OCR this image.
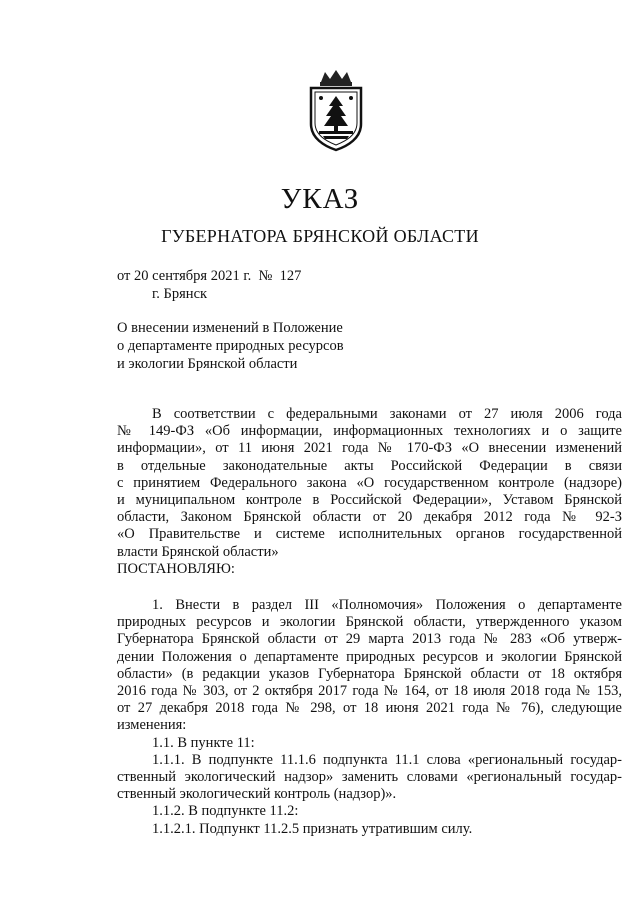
УКАЗ
ГУБЕРНАТОРА БРЯНСКОЙ ОБЛАСТИ
от 20 сентября 2021 г. № 127
г. Брянск
О внесении изменений в Положение
о департаменте природных ресурсов
и экологии Брянской области
В соответствии с федеральными законами от 27 июля 2006 года
№ 149-ФЗ «Об информации, информационных технологиях и о защите
информации», от 11 июня 2021 года № 170-ФЗ «О внесении изменений
в отдельные законодательные акты Российской Федерации в связи
с принятием Федерального закона «О государственном контроле (надзоре)
и муниципальном контроле в Российской Федерации», Уставом Брянской
области, Законом Брянской области от 20 декабря 2012 года № 92-З
«О Правительстве и системе исполнительных органов государственной
власти Брянской области»
ПОСТАНОВЛЯЮ:
1. Внести в раздел III «Полномочия» Положения о департаменте
природных ресурсов и экологии Брянской области, утвержденного указом
Губернатора Брянской области от 29 марта 2013 года № 283 «Об утверж-
дении Положения о департаменте природных ресурсов и экологии Брянской
области» (в редакции указов Губернатора Брянской области от 18 октября
2016 года № 303, от 2 октября 2017 года № 164, от 18 июля 2018 года № 153,
от 27 декабря 2018 года № 298, от 18 июня 2021 года № 76), следующие
изменения:
1.1. В пункте 11:
1.1.1. В подпункте 11.1.6 подпункта 11.1 слова «региональный государ-
ственный экологический надзор» заменить словами «региональный государ-
ственный экологический контроль (надзор)».
1.1.2. В подпункте 11.2:
1.1.2.1. Подпункт 11.2.5 признать утратившим силу.
